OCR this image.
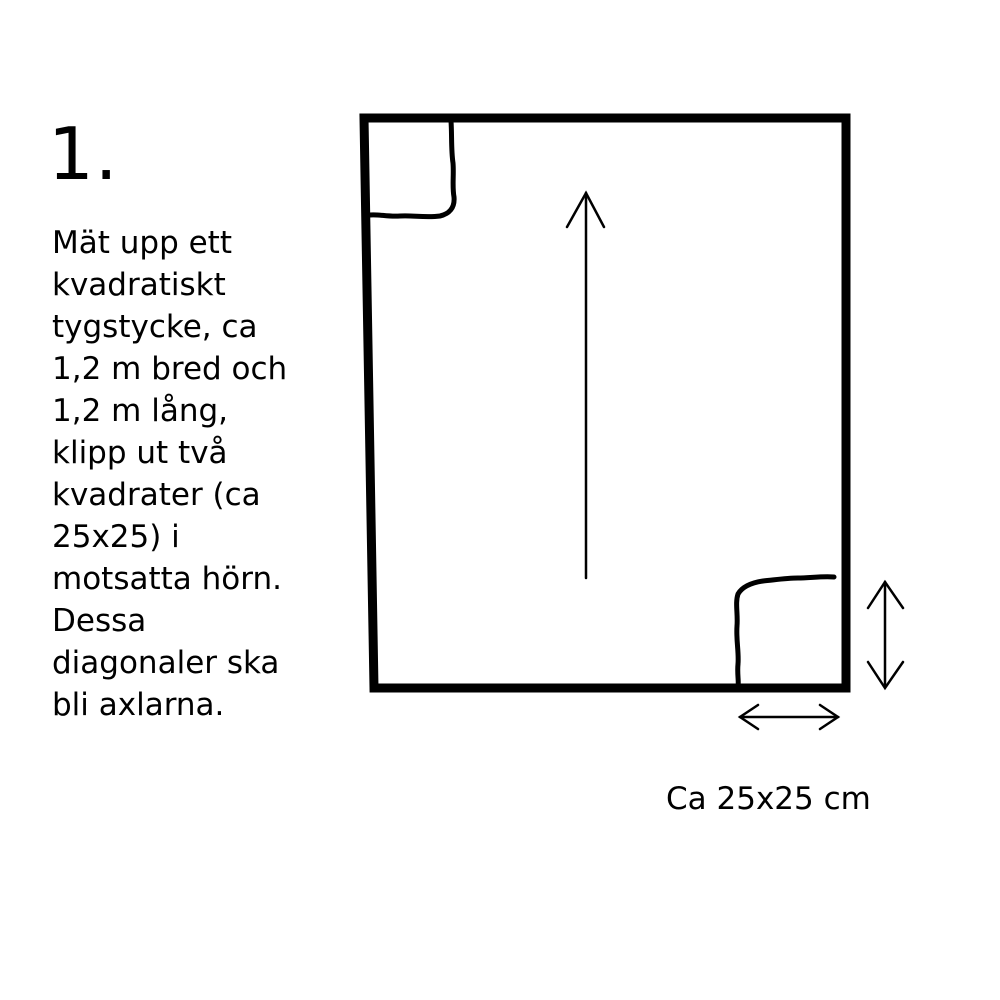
1.

Mät upp ett
kvadratiskt
tygstycke, ca
1,2 m bred och
1,2 m lång,
klipp ut två
kvadrater (ca
25x25) i
motsatta hörn.
Dessa
diagonaler ska
bli axlarna.

Ca 25x25 cm
